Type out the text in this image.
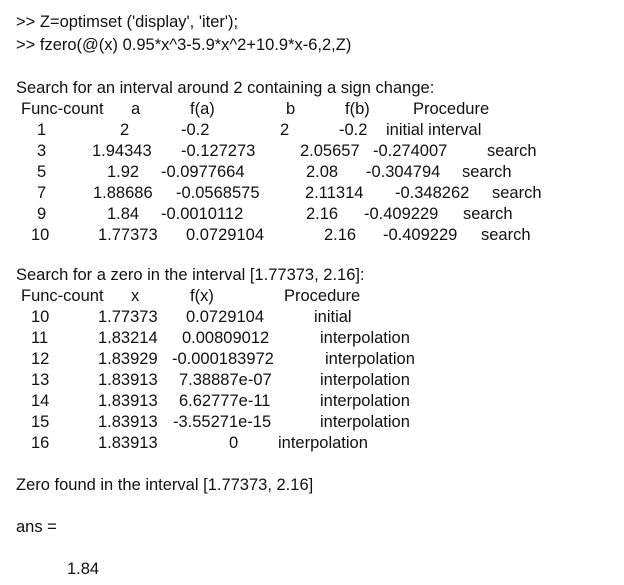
>> Z=optimset ('display', 'iter');
>> fzero(@(x) 0.95*x^3-5.9*x^2+10.9*x-6,2,Z)
Search for an interval around 2 containing a sign change:
Func-count a	f(a)	b	f(b)	Procedure
1	2	-0.2	2	-0.2 initial interval
3	1.94343 -0.127273	2.05657 -0.274007 search
5	1.92 -0.0977664	2.08 -0.304794 search
7	1.88686 -0.0568575	2.11314 -0.348262 search
9	1.84 -0.0010112	2.16 -0.409229 search
10	1.77373 0.0729104	2.16 -0.409229 search
Search for a zero in the interval [1.77373, 2.16]:
Func-count x	f(x)	Procedure
10	1.77373 0.0729104	initial
11	1.83214 0.00809012	interpolation
12	1.83929 -0.000183972	interpolation
13	1.83913 7.38887e-07	interpolation
14	1.83913 6.62777e-11	interpolation
15	1.83913 -3.55271e-15	interpolation
16	1.83913	0 interpolation
Zero found in the interval [1.77373, 2.16]
ans =
1.84
